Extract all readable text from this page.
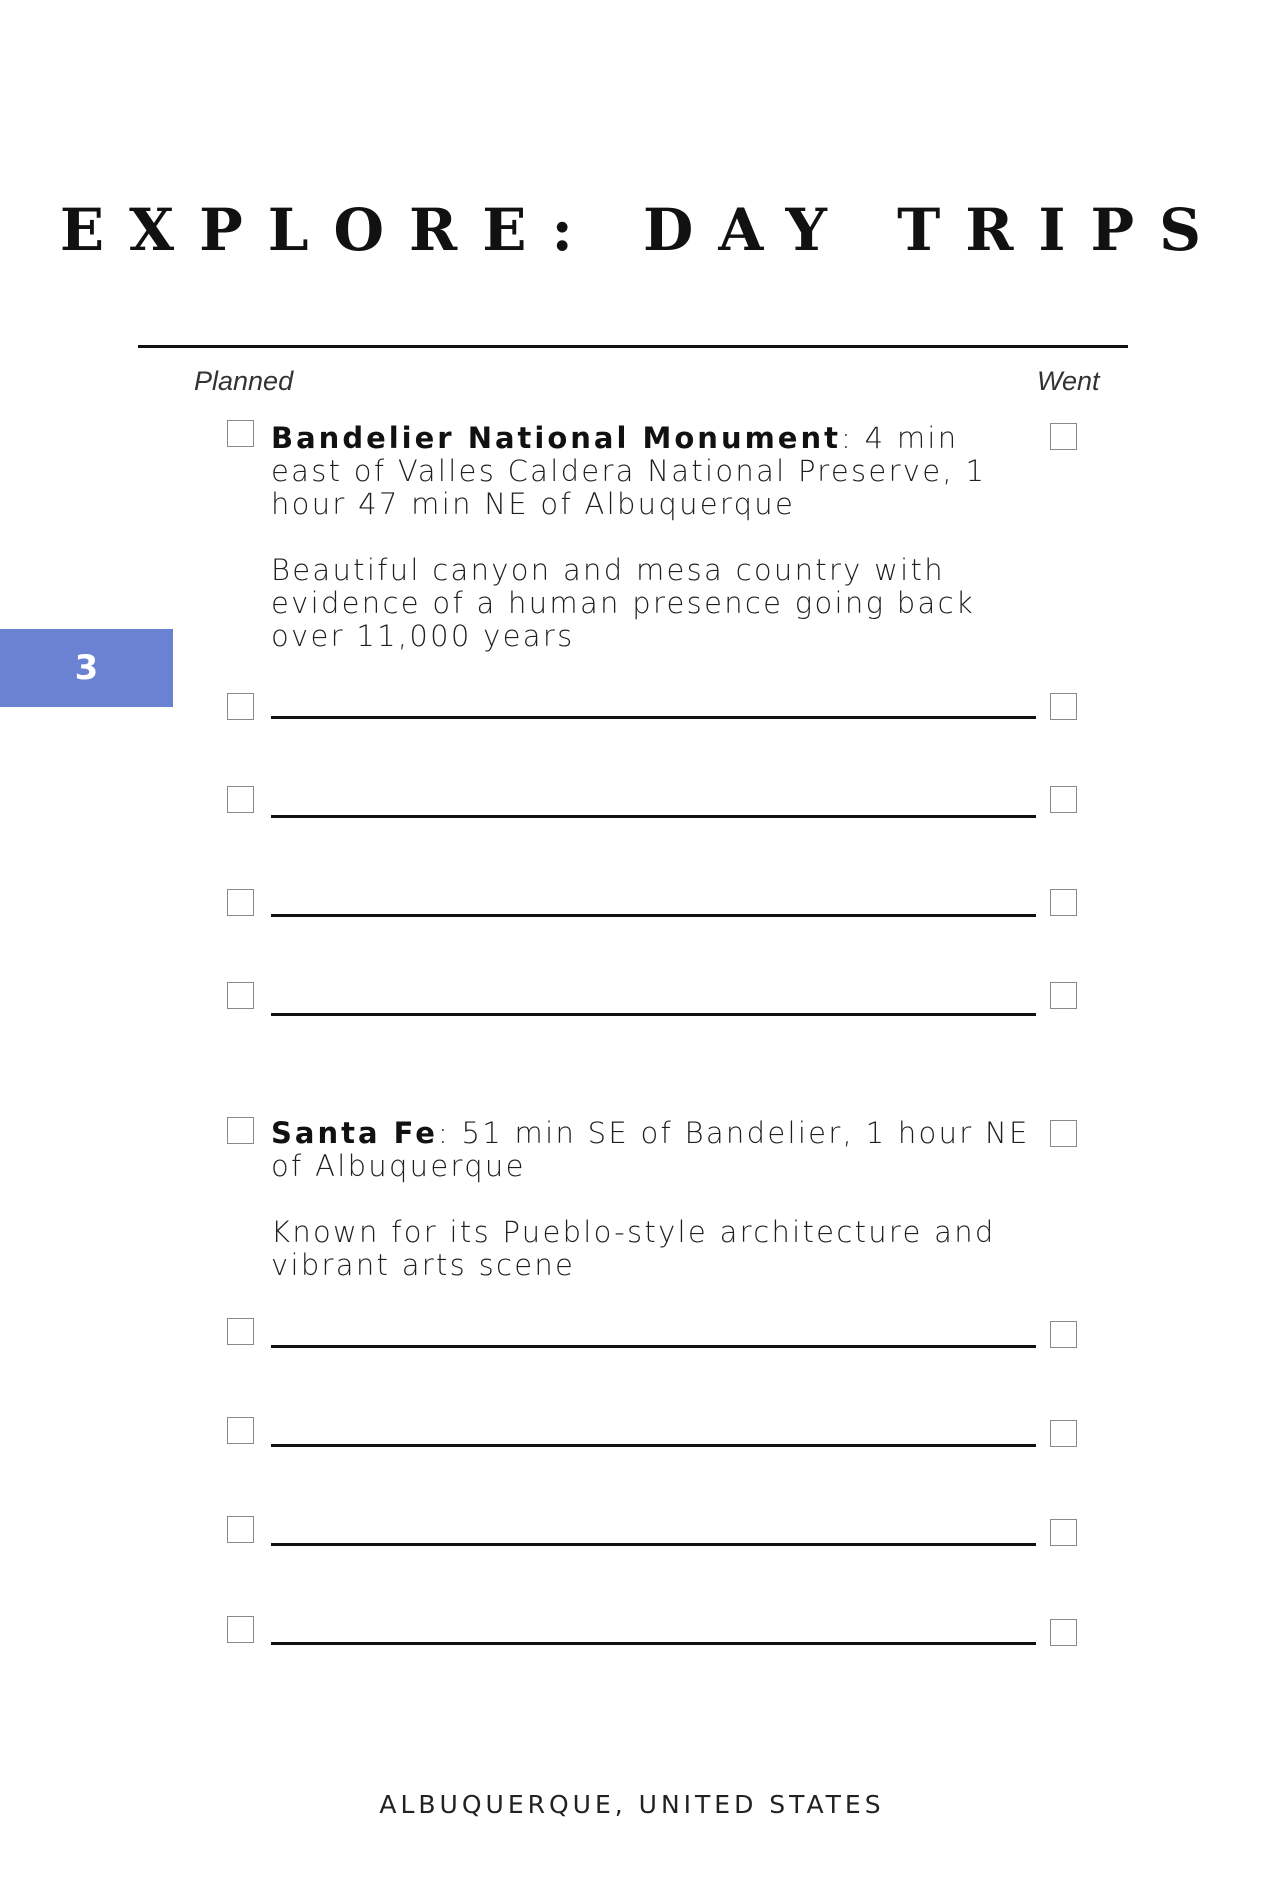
EXPLORE: DAY TRIPS
Planned	Went
3

Bandelier National Monument: 4 min east of Valles Caldera National Preserve, 1 hour 47 min NE of Albuquerque

Beautiful canyon and mesa country with evidence of a human presence going back over 11,000 years

Santa Fe: 51 min SE of Bandelier, 1 hour NE of Albuquerque

Known for its Pueblo-style architecture and vibrant arts scene

ALBUQUERQUE, UNITED STATES
